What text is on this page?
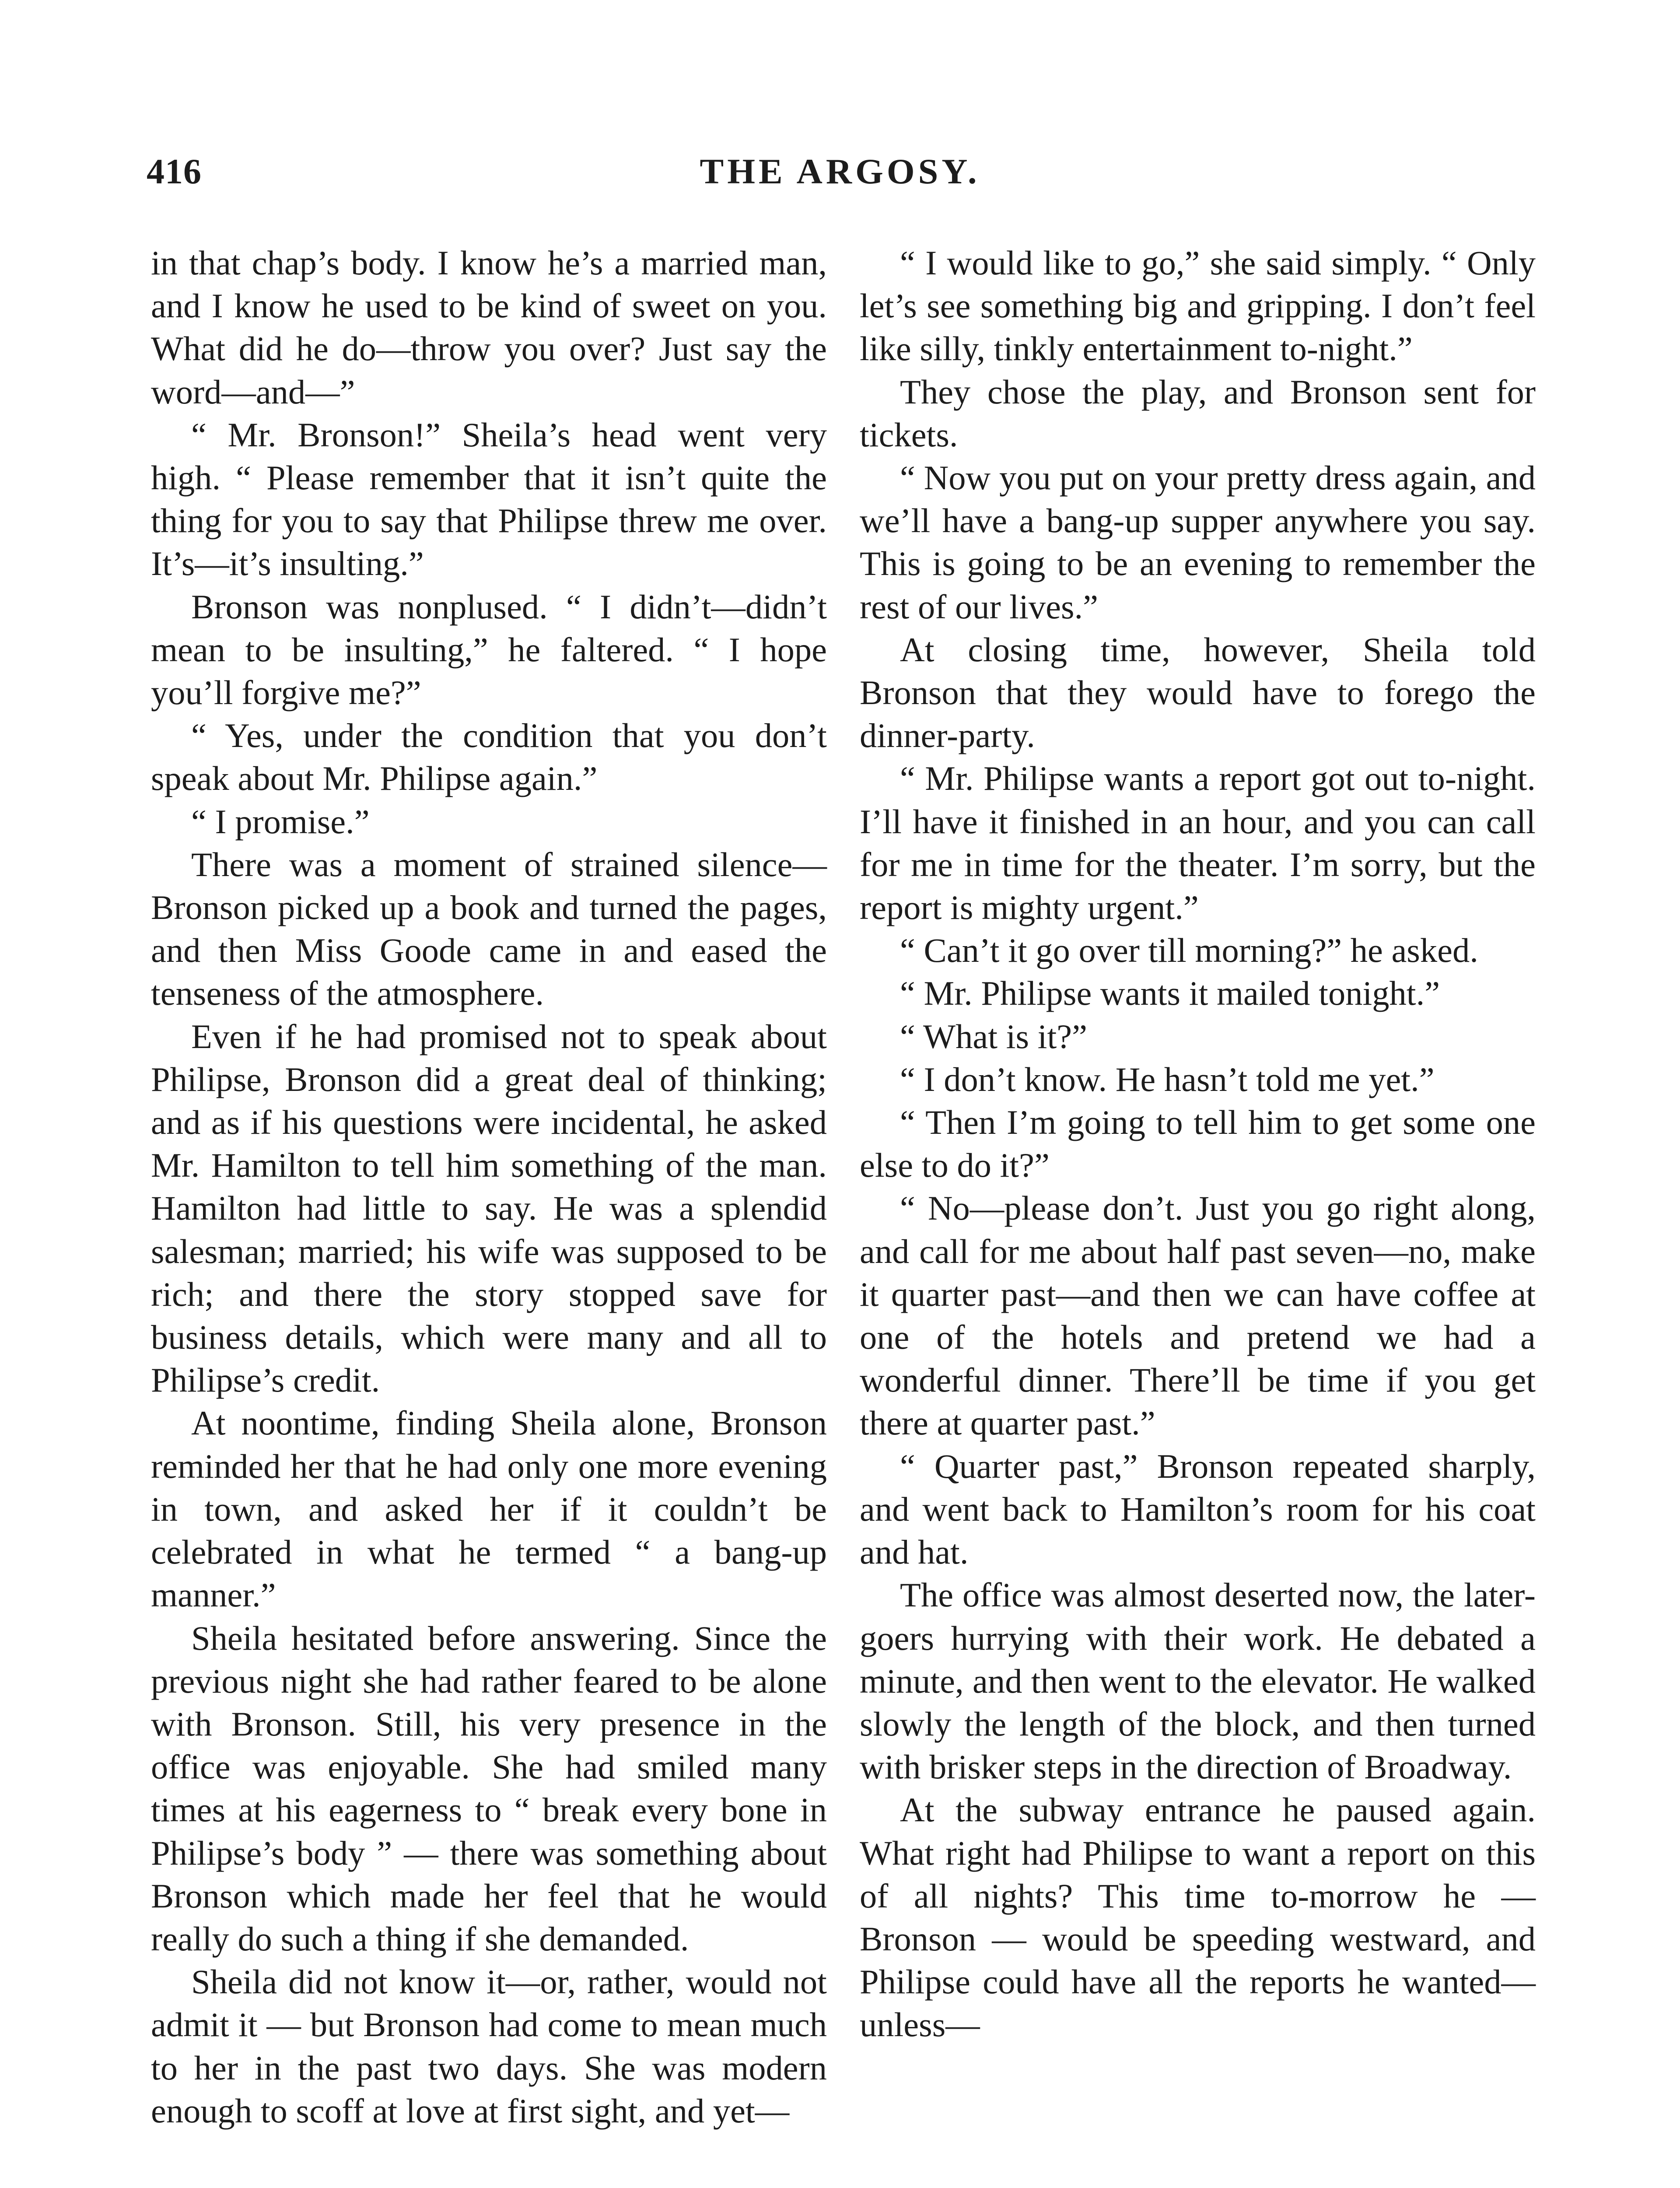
416	THE ARGOSY.

in that chap’s body. I know he’s a married man, and I know he used to be kind of sweet on you. What did he do—throw you over? Just say the word—and—”

“ Mr. Bronson!” Sheila’s head went very high. “ Please remember that it isn’t quite the thing for you to say that Philipse threw me over. It’s—it’s insulting.”

Bronson was nonplused. “ I didn’t—didn’t mean to be insulting,” he faltered. “ I hope you’ll forgive me?”

“ Yes, under the condition that you don’t speak about Mr. Philipse again.”

“ I promise.”

There was a moment of strained silence—Bronson picked up a book and turned the pages, and then Miss Goode came in and eased the tenseness of the atmosphere.

Even if he had promised not to speak about Philipse, Bronson did a great deal of thinking; and as if his questions were incidental, he asked Mr. Hamilton to tell him something of the man. Hamilton had little to say. He was a splendid salesman; married; his wife was supposed to be rich; and there the story stopped save for business details, which were many and all to Philipse’s credit.

At noontime, finding Sheila alone, Bronson reminded her that he had only one more evening in town, and asked her if it couldn’t be celebrated in what he termed “ a bang-up manner.”

Sheila hesitated before answering. Since the previous night she had rather feared to be alone with Bronson. Still, his very presence in the office was enjoyable. She had smiled many times at his eagerness to “ break every bone in Philipse’s body ” — there was something about Bronson which made her feel that he would really do such a thing if she demanded.

Sheila did not know it—or, rather, would not admit it — but Bronson had come to mean much to her in the past two days. She was modern enough to scoff at love at first sight, and yet—

“ I would like to go,” she said simply. “ Only let’s see something big and gripping. I don’t feel like silly, tinkly entertainment to-night.”

They chose the play, and Bronson sent for tickets.

“ Now you put on your pretty dress again, and we’ll have a bang-up supper anywhere you say. This is going to be an evening to remember the rest of our lives.”

At closing time, however, Sheila told Bronson that they would have to forego the dinner-party.

“ Mr. Philipse wants a report got out to-night. I’ll have it finished in an hour, and you can call for me in time for the theater. I’m sorry, but the report is mighty urgent.”

“ Can’t it go over till morning?” he asked.

“ Mr. Philipse wants it mailed tonight.”

“ What is it?”

“ I don’t know. He hasn’t told me yet.”

“ Then I’m going to tell him to get some one else to do it?”

“ No—please don’t. Just you go right along, and call for me about half past seven—no, make it quarter past—and then we can have coffee at one of the hotels and pretend we had a wonderful dinner. There’ll be time if you get there at quarter past.”

“ Quarter past,” Bronson repeated sharply, and went back to Hamilton’s room for his coat and hat.

The office was almost deserted now, the later-goers hurrying with their work. He debated a minute, and then went to the elevator. He walked slowly the length of the block, and then turned with brisker steps in the direction of Broadway.

At the subway entrance he paused again. What right had Philipse to want a report on this of all nights? This time to-morrow he — Bronson — would be speeding westward, and Philipse could have all the reports he wanted—unless—
